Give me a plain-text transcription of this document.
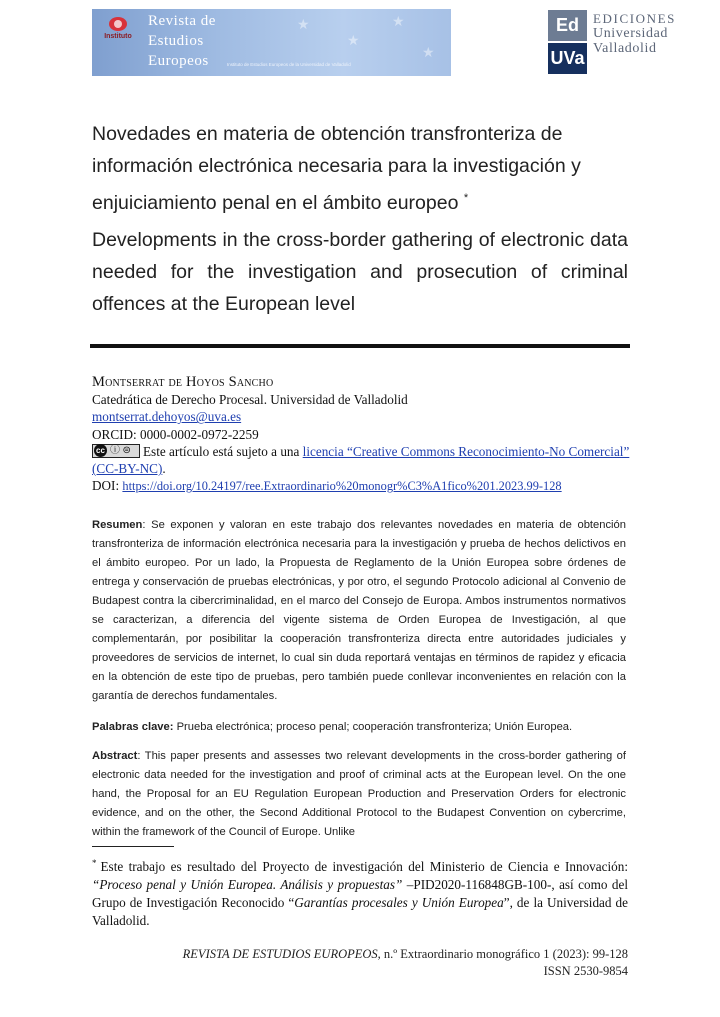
★
★
★
★
Instituto
Revista de
Estudios
Europeos	Instituto de Estudios Europeos de la Universidad de Valladolid
Ed
UVa
EDICIONES
Universidad
Valladolid
Novedades en materia de obtención transfronteriza de información electrónica necesaria para la investigación y enjuiciamiento penal en el ámbito europeo *
Developments in the cross-border gathering of electronic data needed for the investigation and prosecution of criminal offences at the European level
Montserrat de Hoyos Sancho
Catedrática de Derecho Procesal. Universidad de Valladolid
montserrat.dehoyos@uva.es
ORCID: 0000-0002-0972-2259
cc ⓘ ⊜Este artículo está sujeto a una licencia “Creative Commons Reconocimiento-No Comercial” (CC-BY-NC).
DOI: https://doi.org/10.24197/ree.Extraordinario%20monogr%C3%A1fico%201.2023.99-128
Resumen: Se exponen y valoran en este trabajo dos relevantes novedades en materia de obtención transfronteriza de información electrónica necesaria para la investigación y prueba de hechos delictivos en el ámbito europeo. Por un lado, la Propuesta de Reglamento de la Unión Europea sobre órdenes de entrega y conservación de pruebas electrónicas, y por otro, el segundo Protocolo adicional al Convenio de Budapest contra la cibercriminalidad, en el marco del Consejo de Europa. Ambos instrumentos normativos se caracterizan, a diferencia del vigente sistema de Orden Europea de Investigación, al que complementarán, por posibilitar la cooperación transfronteriza directa entre autoridades judiciales y proveedores de servicios de internet, lo cual sin duda reportará ventajas en términos de rapidez y eficacia en la obtención de este tipo de pruebas, pero también puede conllevar inconvenientes en relación con la garantía de derechos fundamentales.
Palabras clave: Prueba electrónica; proceso penal; cooperación transfronteriza; Unión Europea.
Abstract: This paper presents and assesses two relevant developments in the cross-border gathering of electronic data needed for the investigation and proof of criminal acts at the European level. On the one hand, the Proposal for an EU Regulation European Production and Preservation Orders for electronic evidence, and on the other, the Second Additional Protocol to the Budapest Convention on cybercrime, within the framework of the Council of Europe. Unlike
* Este trabajo es resultado del Proyecto de investigación del Ministerio de Ciencia e Innovación: “Proceso penal y Unión Europea. Análisis y propuestas” –PID2020-116848GB-100-, así como del Grupo de Investigación Reconocido “Garantías procesales y Unión Europea”, de la Universidad de Valladolid.
REVISTA DE ESTUDIOS EUROPEOS, n.º Extraordinario monográfico 1 (2023): 99-128
ISSN 2530-9854
